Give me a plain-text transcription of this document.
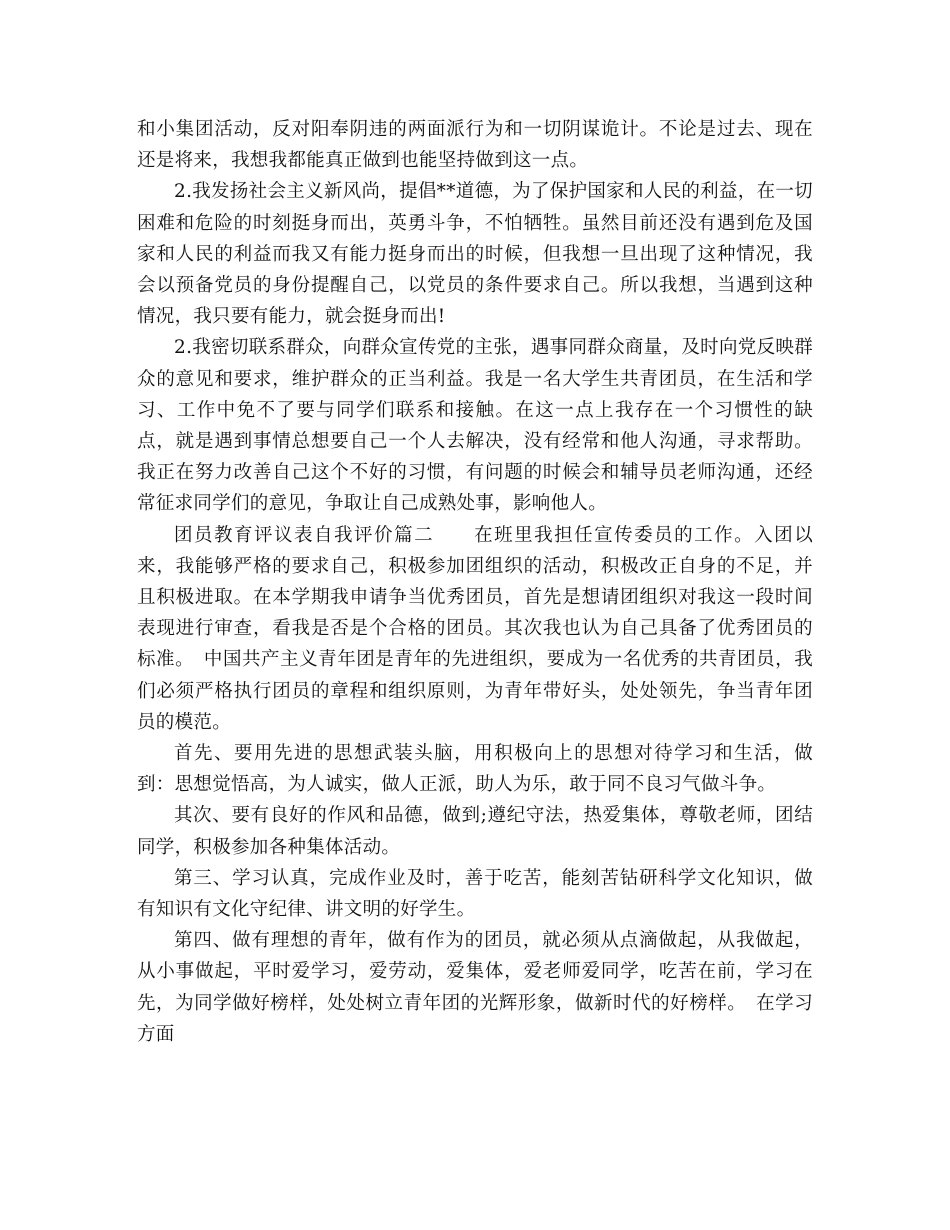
和小集团活动，反对阳奉阴违的两面派行为和一切阴谋诡计。不论是过去、现在还是将来，我想我都能真正做到也能坚持做到这一点。

2.我发扬社会主义新风尚，提倡**道德，为了保护国家和人民的利益，在一切困难和危险的时刻挺身而出，英勇斗争，不怕牺牲。虽然目前还没有遇到危及国家和人民的利益而我又有能力挺身而出的时候，但我想一旦出现了这种情况，我会以预备党员的身份提醒自己，以党员的条件要求自己。所以我想，当遇到这种情况，我只要有能力，就会挺身而出!

2.我密切联系群众，向群众宣传党的主张，遇事同群众商量，及时向党反映群众的意见和要求，维护群众的正当利益。我是一名大学生共青团员，在生活和学习、工作中免不了要与同学们联系和接触。在这一点上我存在一个习惯性的缺点，就是遇到事情总想要自己一个人去解决，没有经常和他人沟通，寻求帮助。我正在努力改善自己这个不好的习惯，有问题的时候会和辅导员老师沟通，还经常征求同学们的意见，争取让自己成熟处事，影响他人。

团员教育评议表自我评价篇二　　在班里我担任宣传委员的工作。入团以来，我能够严格的要求自己，积极参加团组织的活动，积极改正自身的不足，并且积极进取。在本学期我申请争当优秀团员，首先是想请团组织对我这一段时间表现进行审查，看我是否是个合格的团员。其次我也认为自己具备了优秀团员的标准。　中国共产主义青年团是青年的先进组织，要成为一名优秀的共青团员，我们必须严格执行团员的章程和组织原则，为青年带好头，处处领先，争当青年团员的模范。

首先、要用先进的思想武装头脑，用积极向上的思想对待学习和生活，做到：思想觉悟高，为人诚实，做人正派，助人为乐，敢于同不良习气做斗争。

其次、要有良好的作风和品德，做到;遵纪守法，热爱集体，尊敬老师，团结同学，积极参加各种集体活动。

第三、学习认真，完成作业及时，善于吃苦，能刻苦钻研科学文化知识，做有知识有文化守纪律、讲文明的好学生。

第四、做有理想的青年，做有作为的团员，就必须从点滴做起，从我做起，从小事做起，平时爱学习，爱劳动，爱集体，爱老师爱同学，吃苦在前，学习在先，为同学做好榜样，处处树立青年团的光辉形象，做新时代的好榜样。　在学习方面
